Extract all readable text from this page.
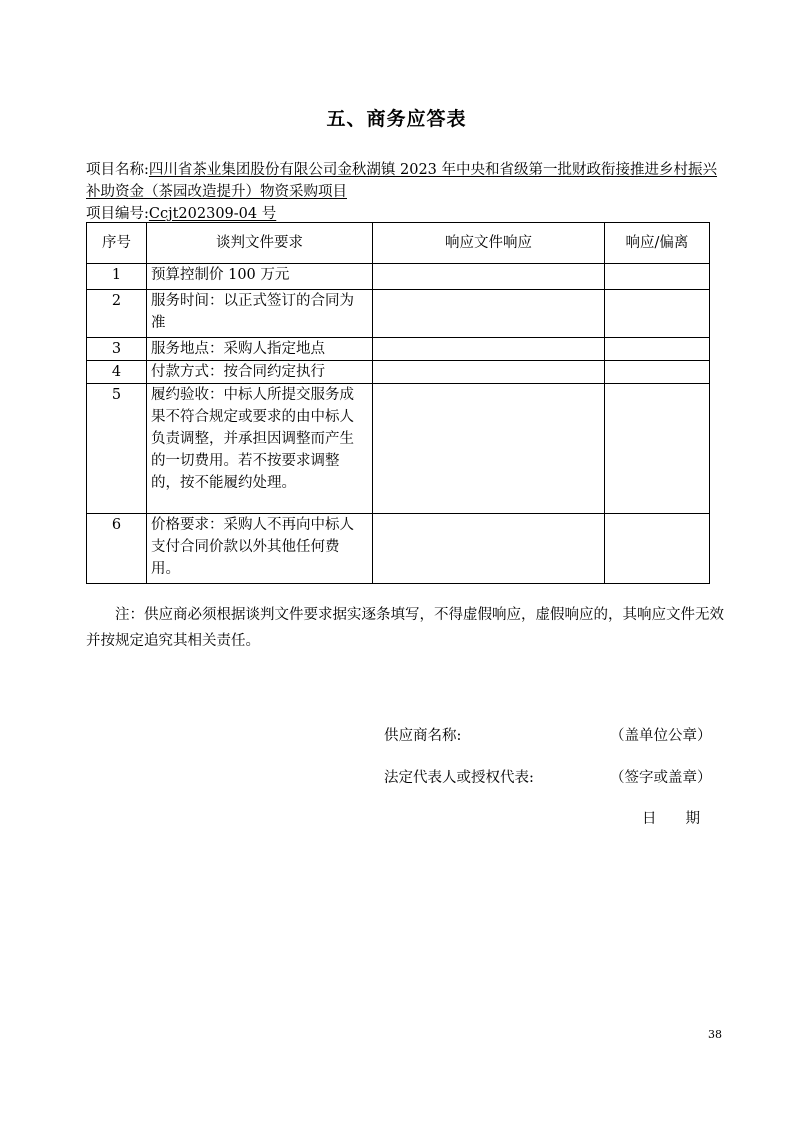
五、商务应答表
项目名称:四川省茶业集团股份有限公司金秋湖镇 2023 年中央和省级第一批财政衔接推进乡村振兴补助资金（茶园改造提升）物资采购项目
项目编号:Ccjt202309-04 号
序号	谈判文件要求	响应文件响应	响应/偏离
1	预算控制价 100 万元		
2	服务时间：以正式签订的合同为准		
3	服务地点：采购人指定地点		
4	付款方式：按合同约定执行		
5	履约验收：中标人所提交服务成果不符合规定或要求的由中标人负责调整，并承担因调整而产生的一切费用。若不按要求调整的，按不能履约处理。		
6	价格要求：采购人不再向中标人支付合同价款以外其他任何费用。		
注：供应商必须根据谈判文件要求据实逐条填写，不得虚假响应，虚假响应的，其响应文件无效并按规定追究其相关责任。
供应商名称:	（盖单位公章）
法定代表人或授权代表:	（签字或盖章）
日　　期
38
